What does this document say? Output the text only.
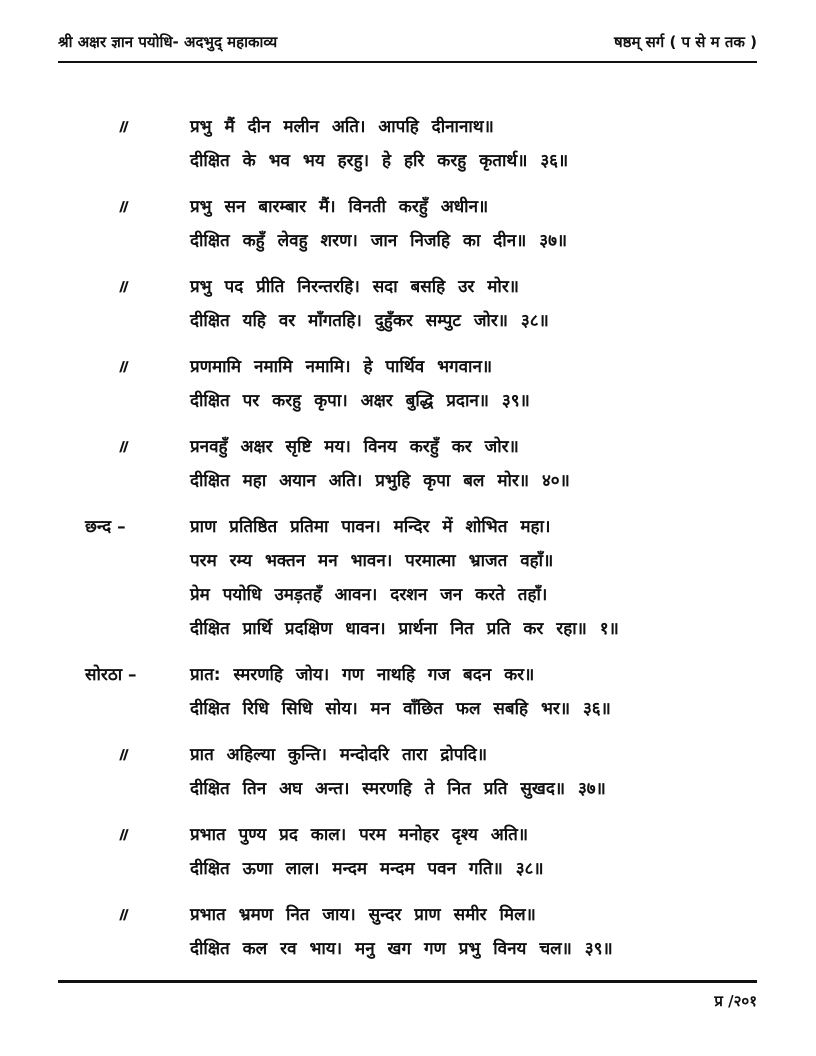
श्री अक्षर ज्ञान पयोधि- अदभुद् महाकाव्य	षष्ठम् सर्ग ( प से म तक )
॥	प्रभु मैं दीन मलीन अति। आपहि दीनानाथ॥

दीक्षित के भव भय हरहु। हे हरि करहु कृतार्थ॥ ३६॥

॥	प्रभु सन बारम्बार मैं। विनती करहुँ अधीन॥

दीक्षित कहुँ लेवहु शरण। जान निजहि का दीन॥ ३७॥

॥	प्रभु पद प्रीति निरन्तरहि। सदा बसहि उर मोर॥

दीक्षित यहि वर माँगतहि। दुहुँकर सम्पुट जोर॥ ३८॥

॥	प्रणमामि नमामि नमामि। हे पार्थिव भगवान॥

दीक्षित पर करहु कृपा। अक्षर बुद्धि प्रदान॥ ३९॥

॥	प्रनवहुँ अक्षर सृष्टि मय। विनय करहुँ कर जोर॥

दीक्षित महा अयान अति। प्रभुहि कृपा बल मोर॥ ४०॥

छन्द –	प्राण प्रतिष्ठित प्रतिमा पावन। मन्दिर में शोभित महा।

परम रम्य भक्तन मन भावन। परमात्मा भ्राजत वहाँ॥

प्रेम पयोधि उमड़तहँ आवन। दरशन जन करते तहाँ।

दीक्षित प्रार्थि प्रदक्षिण धावन। प्रार्थना नित प्रति कर रहा॥ १॥

सोरठा –	प्रात: स्मरणहि जोय। गण नाथहि गज बदन कर॥

दीक्षित रिधि सिधि सोय। मन वाँछित फल सबहि भर॥ ३६॥

॥	प्रात अहिल्या कुन्ति। मन्दोदरि तारा द्रोपदि॥

दीक्षित तिन अघ अन्त। स्मरणहि ते नित प्रति सुखद॥ ३७॥

॥	प्रभात पुण्य प्रद काल। परम मनोहर दृश्य अति॥

दीक्षित ऊणा लाल। मन्दम मन्दम पवन गति॥ ३८॥

॥	प्रभात भ्रमण नित जाय। सुन्दर प्राण समीर मिल॥

दीक्षित कल रव भाय। मनु खग गण प्रभु विनय चल॥ ३९॥

प्र /२०१
